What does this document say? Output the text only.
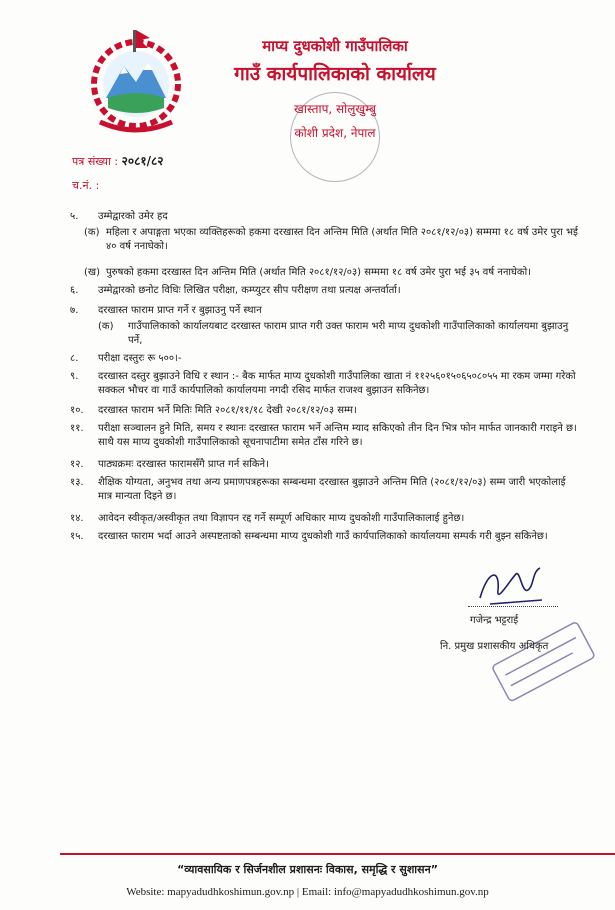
माप्य दुधकोशी गाउँपालिका
गाउँ कार्यपालिकाको कार्यालय
खास्ताप, सोलुखुम्बु
कोशी प्रदेश, नेपाल
पत्र संख्या : २०८१/८२
च.नं. :
५.	उम्मेद्वारको उमेर हद
(क) महिला र अपाङ्गता भएका व्यक्तिहरूको हकमा दरखास्त दिन अन्तिम मिति (अर्थात मिति २०८१/१२/०३) सम्ममा १८ वर्ष उमेर पुरा भई ४० वर्ष ननाघेको।
(ख) पुरुषको हकमा दरखास्त दिन अन्तिम मिति (अर्थात मिति २०८१/१२/०३) सम्ममा १८ वर्ष उमेर पुरा भई ३५ वर्ष ननाघेको।
६.	उम्मेद्वारको छनोट विधिः लिखित परीक्षा, कम्प्युटर सीप परीक्षण तथा प्रत्यक्ष अन्तर्वार्ता।
७.	दरखास्त फाराम प्राप्त गर्ने र बुझाउनु पर्ने स्थान
(क) गाउँपालिकाको कार्यालयबाट दरखास्त फाराम प्राप्त गरी उक्त फाराम भरी माप्य दुधकोशी गाउँपालिकाको कार्यालयमा बुझाउनु पर्ने,
८.	परीक्षा दस्तुरः रू ५००।-
९.	दरखास्त दस्तुर बुझाउने विधि र स्थान :- बैक मार्फत माप्य दुधकोशी गाउँपालिका खाता नं ११२५६०१५०६५०८०५५ मा रकम जम्मा गरेको सक्कल भौचर वा गाउँ कार्यपालिको कार्यालयमा नगदी रसिद मार्फत राजश्व बुझाउन सकिनेछ।
१०.	दरखास्त फाराम भर्ने मितिः मिति २०८१/११/१८ देखी २०८१/१२/०३ सम्म।
११.	परीक्षा सञ्चालन हुने मिति, समय र स्थानः दरखास्त फाराम भर्ने अन्तिम म्याद सकिएको तीन दिन भित्र फोन मार्फत जानकारी गराइने छ। साथै यस माप्य दुधकोशी गाउँपालिकाको सूचनापाटीमा समेत टाँस गरिने छ।
१२.	पाठ्यक्रमः दरखास्त फारामसँगै प्राप्त गर्न सकिने।
१३.	शैक्षिक योग्यता, अनुभव तथा अन्य प्रमाणपत्रहरूका सम्बन्धमा दरखास्त बुझाउने अन्तिम मिति (२०८१/१२/०३) सम्म जारी भएकोलाई मात्र मान्यता दिइने छ।
१४.	आवेदन स्वीकृत/अस्वीकृत तथा विज्ञापन रद्द गर्ने सम्पूर्ण अधिकार माप्य दुधकोशी गाउँपालिकालाई हुनेछ।
१५.	दरखास्त फाराम भर्दा आउने अस्पष्टताको सम्बन्धमा माप्य दुधकोशी गाउँ कार्यपालिकाको कार्यालयमा सम्पर्क गरी बुझ्न सकिनेछ।
गजेन्द्र भट्टराई
नि. प्रमुख प्रशासकीय अधिकृत
“व्यावसायिक र सिर्जनशील प्रशासनः विकास, समृद्धि र सुशासन”
Website: mapyadudhkoshimun.gov.np | Email: info@mapyadudhkoshimun.gov.np
